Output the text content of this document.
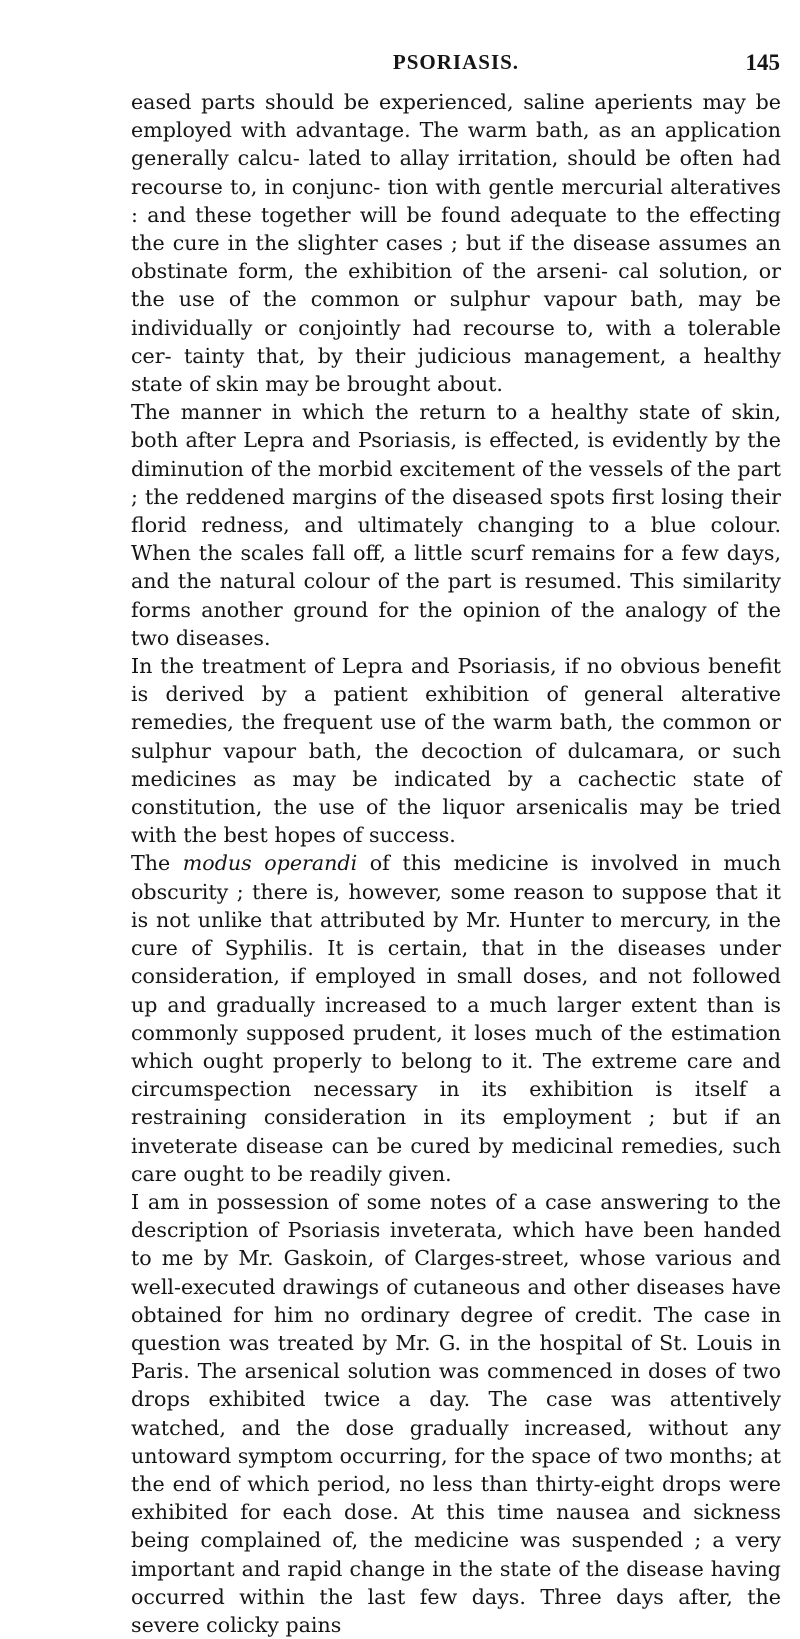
PSORIASIS.	145

eased parts should be experienced, saline aperients may be employed with advantage. The warm bath, as an application generally calcu- lated to allay irritation, should be often had recourse to, in conjunc- tion with gentle mercurial alteratives : and these together will be found adequate to the effecting the cure in the slighter cases ; but if the disease assumes an obstinate form, the exhibition of the arseni- cal solution, or the use of the common or sulphur vapour bath, may be individually or conjointly had recourse to, with a tolerable cer- tainty that, by their judicious management, a healthy state of skin may be brought about.

The manner in which the return to a healthy state of skin, both after Lepra and Psoriasis, is effected, is evidently by the diminution of the morbid excitement of the vessels of the part ; the reddened margins of the diseased spots first losing their florid redness, and ultimately changing to a blue colour. When the scales fall off, a little scurf remains for a few days, and the natural colour of the part is resumed. This similarity forms another ground for the opinion of the analogy of the two diseases.

In the treatment of Lepra and Psoriasis, if no obvious benefit is derived by a patient exhibition of general alterative remedies, the frequent use of the warm bath, the common or sulphur vapour bath, the decoction of dulcamara, or such medicines as may be indicated by a cachectic state of constitution, the use of the liquor arsenicalis may be tried with the best hopes of success.

The modus operandi of this medicine is involved in much obscurity ; there is, however, some reason to suppose that it is not unlike that attributed by Mr. Hunter to mercury, in the cure of Syphilis. It is certain, that in the diseases under consideration, if employed in small doses, and not followed up and gradually increased to a much larger extent than is commonly supposed prudent, it loses much of the estimation which ought properly to belong to it. The extreme care and circumspection necessary in its exhibition is itself a restraining consideration in its employment ; but if an inveterate disease can be cured by medicinal remedies, such care ought to be readily given.

I am in possession of some notes of a case answering to the description of Psoriasis inveterata, which have been handed to me by Mr. Gaskoin, of Clarges-street, whose various and well-executed drawings of cutaneous and other diseases have obtained for him no ordinary degree of credit. The case in question was treated by Mr. G. in the hospital of St. Louis in Paris. The arsenical solution was commenced in doses of two drops exhibited twice a day. The case was attentively watched, and the dose gradually increased, without any untoward symptom occurring, for the space of two months; at the end of which period, no less than thirty-eight drops were exhibited for each dose. At this time nausea and sickness being complained of, the medicine was suspended ; a very important and rapid change in the state of the disease having occurred within the last few days. Three days after, the severe colicky pains
